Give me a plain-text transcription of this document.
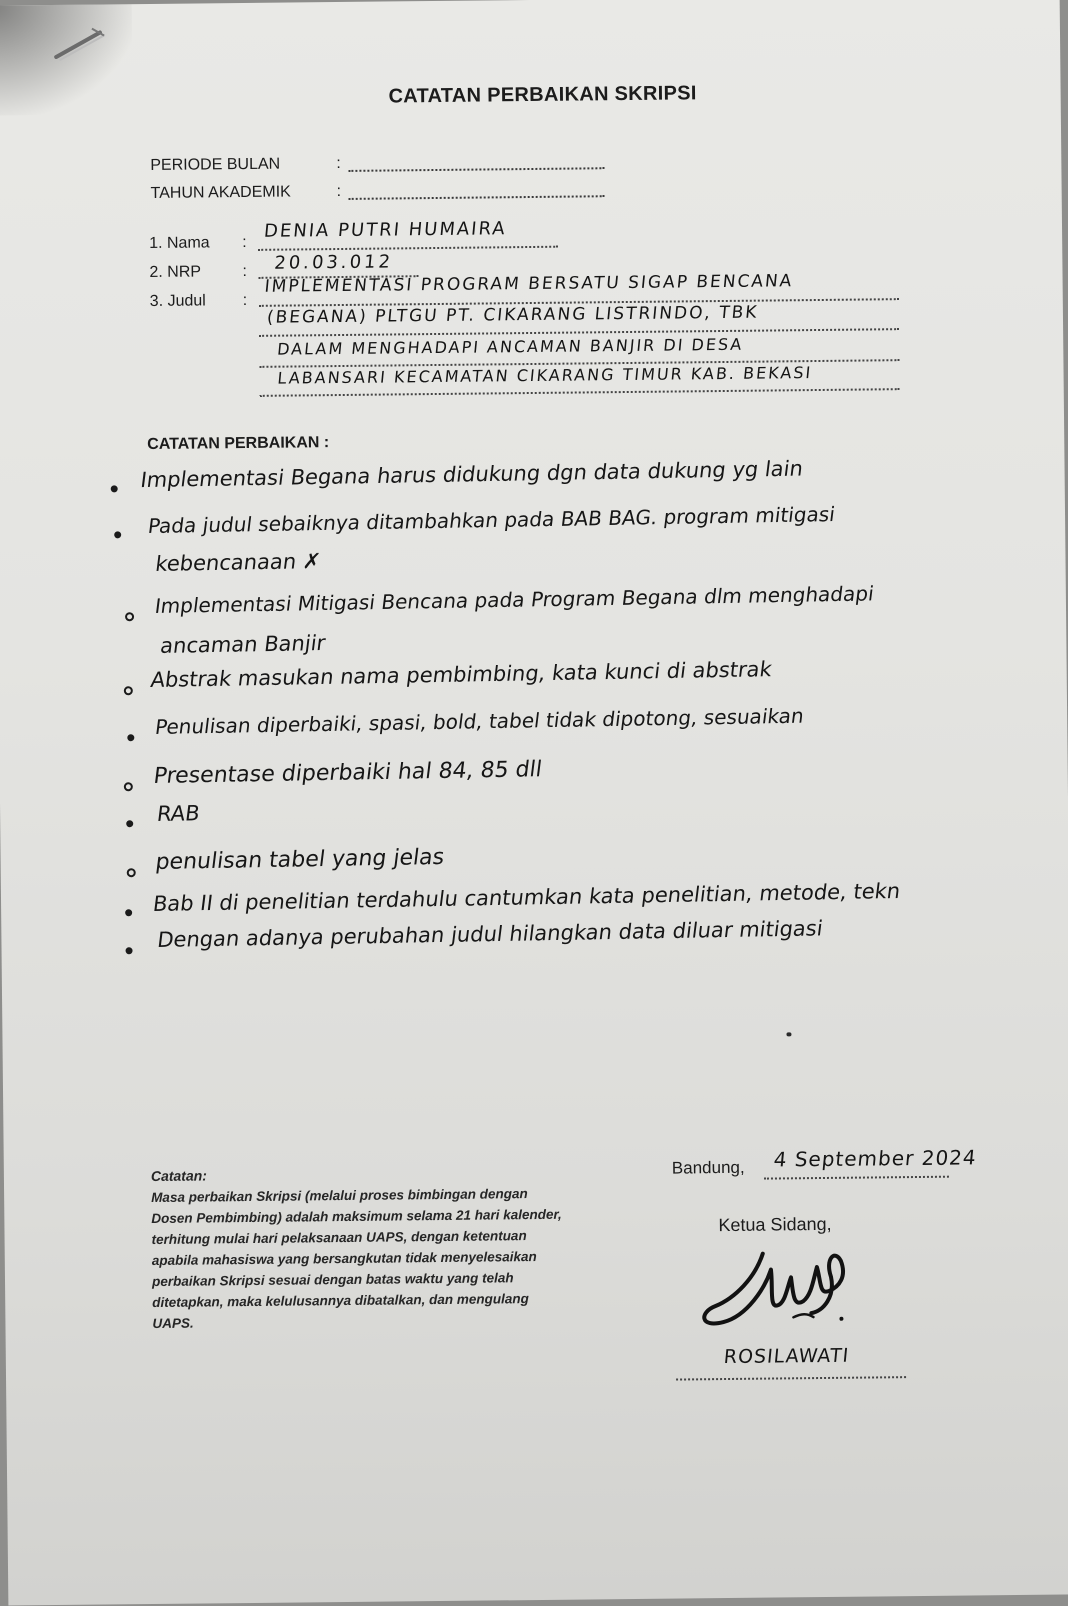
CATATAN PERBAIKAN SKRIPSI
PERIODE BULAN	:
TAHUN AKADEMIK	:
1. Nama :
DENIA PUTRI HUMAIRA
2. NRP	: 20.03.012
3. Judul :
IMPLEMENTASI PROGRAM BERSATU SIGAP BENCANA
(BEGANA) PLTGU PT. CIKARANG LISTRINDO, TBK
DALAM MENGHADAPI ANCAMAN BANJIR DI DESA
LABANSARI KECAMATAN CIKARANG TIMUR KAB. BEKASI
CATATAN PERBAIKAN :
Implementasi Begana harus didukung dgn data dukung yg lain
Pada judul sebaiknya ditambahkan pada BAB BAG. program mitigasi
kebencanaan ✗
Implementasi Mitigasi Bencana pada Program Begana dlm menghadapi
ancaman Banjir
Abstrak masukan nama pembimbing, kata kunci di abstrak
Penulisan diperbaiki, spasi, bold, tabel tidak dipotong, sesuaikan
Presentase diperbaiki hal 84, 85 dll
RAB
penulisan tabel yang jelas
Bab II di penelitian terdahulu cantumkan kata penelitian, metode, tekn
Dengan adanya perubahan judul hilangkan data diluar mitigasi
Catatan:
Masa perbaikan Skripsi (melalui proses bimbingan dengan Dosen Pembimbing) adalah maksimum selama 21 hari kalender, terhitung mulai hari pelaksanaan UAPS, dengan ketentuan apabila mahasiswa yang bersangkutan tidak menyelesaikan perbaikan Skripsi sesuai dengan batas waktu yang telah ditetapkan, maka kelulusannya dibatalkan, dan mengulang UAPS.
Bandung, 4 September 2024
Ketua Sidang,
ROSILAWATI
